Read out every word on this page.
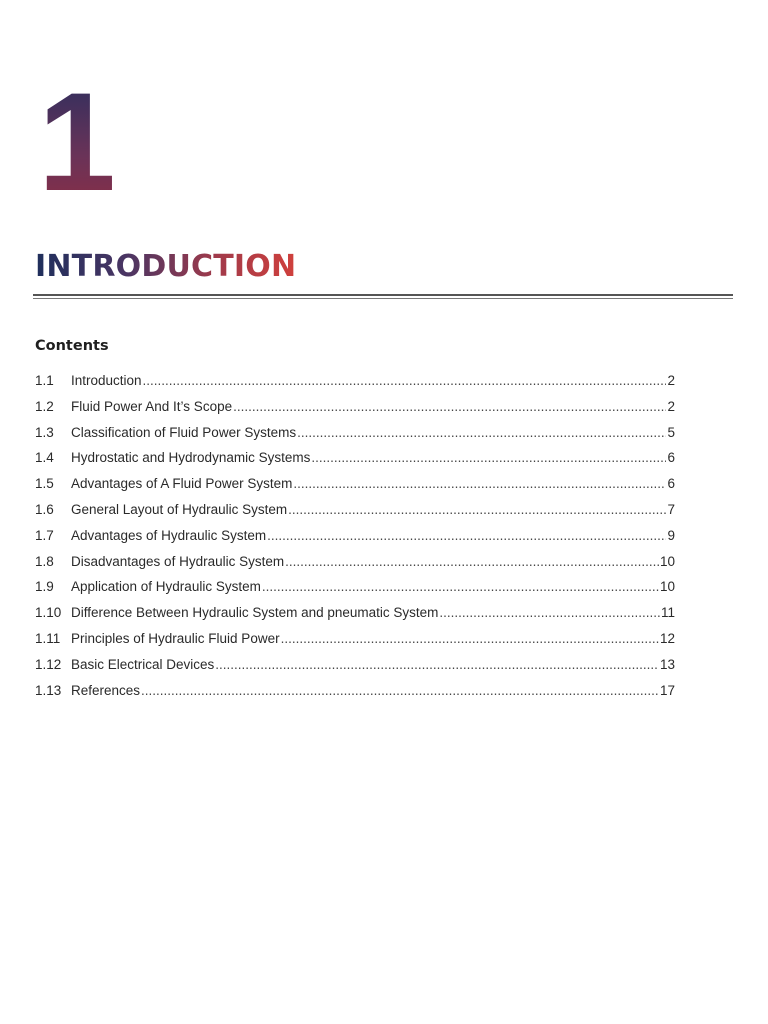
1
INTRODUCTION
Contents
1.1	Introduction .....	2
1.2	Fluid Power And It’s Scope .....	2
1.3	Classification of Fluid Power Systems .....	5
1.4	Hydrostatic and Hydrodynamic Systems .....	6
1.5	Advantages of A Fluid Power System .....	6
1.6	General Layout of Hydraulic System .....	7
1.7	Advantages of Hydraulic System .....	9
1.8	Disadvantages of Hydraulic System .....	10
1.9	Application of Hydraulic System .....	10
1.10 Difference Between Hydraulic System and pneumatic System .....	11
1.11 Principles of Hydraulic Fluid Power .....	12
1.12 Basic Electrical Devices .....	13
1.13 References .....	17
